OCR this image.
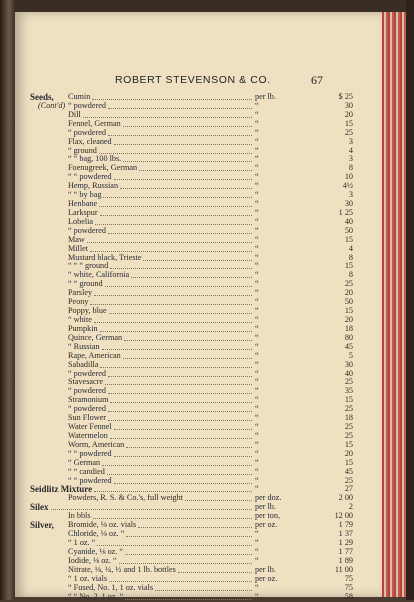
ROBERT STEVENSON & CO.	67
Seeds, Cumin	per lb.	$ 25
(Cont'd) “ powdered	“	30
Dill	“	20
Fennel, German	“	15
“ powdered	“	25
Flax, cleaned	“	3
“ ground	“	4
“ “ bag, 100 lbs.	“	3
Foenugreek, German	“	8
“ “ powdered	“	10
Hemp, Russian	“	4½
“ “ by bag	“	3
Henbane	“	30
Larkspur	“	1 25
Lobelia	“	40
“ powdered	“	50
Maw	“	15
Millet	“	4
Mustard black, Trieste	“	8
“ “ “ ground	“	15
“ white, California	“	8
“ “ ground	“	25
Parsley	“	20
Peony	“	50
Poppy, blue	“	15
“ white	“	20
Pumpkin	“	18
Quince, German	“	80
“ Russian	“	45
Rape, American	“	5
Sabadilla	“	30
“ powdered	“	40
Stavesacre	“	25
“ powdered	“	35
Stramonium	“	15
“ powdered	“	25
Sun Flower	“	18
Water Fennel	“	25
Watermelon	“	25
Worm, American	“	15
“ “ powdered	“	20
“ German	“	15
“ “ candied	“	45
“ “ powdered	“	25
Seidlitz Mixture	“	27
Powders, R. S. & Co.'s, full weight	per doz.	2 00
Silex	per lb.	2
In bbls	per ton,	12 00
Silver, Bromide, ⅛ oz. vials	per oz.	1 79
Chloride, ⅛ oz. “	“	1 37
“ 1 oz. “	“	1 29
Cyanide, ⅛ oz. “	“	1 77
Iodide, ⅛ oz. “	“	1 89
Nitrate, ⅛, ¼, ½ and 1 lb. bottles	per lb.	11 00
“ 1 oz. vials	per oz.	75
“ Fused, No. 1, 1 oz. vials	“	75
“ “ No. 2, 1 oz. “	“	58
